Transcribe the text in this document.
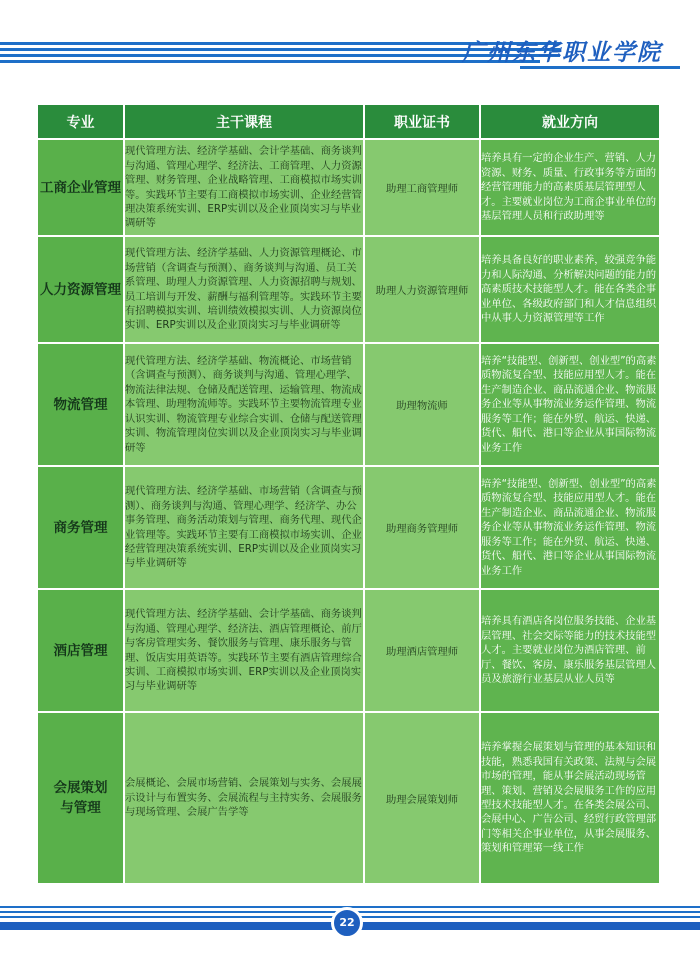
广州东华职业学院
专业	主干课程	职业证书	就业方向
工商企业管理	现代管理方法、经济学基础、会计学基础、商务谈判与沟通、管理心理学、经济法、工商管理、人力资源管理、财务管理、企业战略管理、工商模拟市场实训等。实践环节主要有工商模拟市场实训、企业经营管理决策系统实训、ERP实训以及企业顶岗实习与毕业调研等	助理工商管理师	培养具有一定的企业生产、营销、人力资源、财务、质量、行政事务等方面的经营管理能力的高素质基层管理型人才。主要就业岗位为工商企事业单位的基层管理人员和行政助理等
人力资源管理	现代管理方法、经济学基础、人力资源管理概论、市场营销（含调查与预测）、商务谈判与沟通、员工关系管理、助理人力资源管理、人力资源招聘与规划、员工培训与开发、薪酬与福利管理等。实践环节主要有招聘模拟实训、培训绩效模拟实训、人力资源岗位实训、ERP实训以及企业顶岗实习与毕业调研等	助理人力资源管理师	培养具备良好的职业素养，较强竞争能力和人际沟通、分析解决问题的能力的高素质技术技能型人才。能在各类企事业单位、各级政府部门和人才信息组织中从事人力资源管理等工作
物流管理	现代管理方法、经济学基础、物流概论、市场营销（含调查与预测）、商务谈判与沟通、管理心理学、物流法律法规、仓储及配送管理、运输管理、物流成本管理、助理物流师等。实践环节主要物流管理专业认识实训、物流管理专业综合实训、仓储与配送管理实训、物流管理岗位实训以及企业顶岗实习与毕业调研等	助理物流师	培养“技能型、创新型、创业型”的高素质物流复合型、技能应用型人才。能在生产制造企业、商品流通企业、物流服务企业等从事物流业务运作管理、物流服务等工作；能在外贸、航运、快递、货代、船代、港口等企业从事国际物流业务工作
商务管理	现代管理方法、经济学基础、市场营销（含调查与预测）、商务谈判与沟通、管理心理学、经济学、办公事务管理、商务活动策划与管理、商务代理、现代企业管理等。实践环节主要有工商模拟市场实训、企业经营管理决策系统实训、ERP实训以及企业顶岗实习与毕业调研等	助理商务管理师	培养“技能型、创新型、创业型”的高素质物流复合型、技能应用型人才。能在生产制造企业、商品流通企业、物流服务企业等从事物流业务运作管理、物流服务等工作；能在外贸、航运、快递、货代、船代、港口等企业从事国际物流业务工作
酒店管理	现代管理方法、经济学基础、会计学基础、商务谈判与沟通、管理心理学、经济法、酒店管理概论、前厅与客房管理实务、餐饮服务与管理、康乐服务与管理、饭店实用英语等。实践环节主要有酒店管理综合实训、工商模拟市场实训、ERP实训以及企业顶岗实习与毕业调研等	助理酒店管理师	培养具有酒店各岗位服务技能、企业基层管理、社会交际等能力的技术技能型人才。主要就业岗位为酒店管理、前厅、餐饮、客房、康乐服务基层管理人员及旅游行业基层从业人员等
会展策划与管理	会展概论、会展市场营销、会展策划与实务、会展展示设计与布置实务、会展流程与主持实务、会展服务与现场管理、会展广告学等	助理会展策划师	培养掌握会展策划与管理的基本知识和技能，熟悉我国有关政策、法规与会展市场的管理，能从事会展活动现场管理、策划、营销及会展服务工作的应用型技术技能型人才。在各类会展公司、会展中心、广告公司、经贸行政管理部门等相关企事业单位，从事会展服务、策划和管理第一线工作
22
